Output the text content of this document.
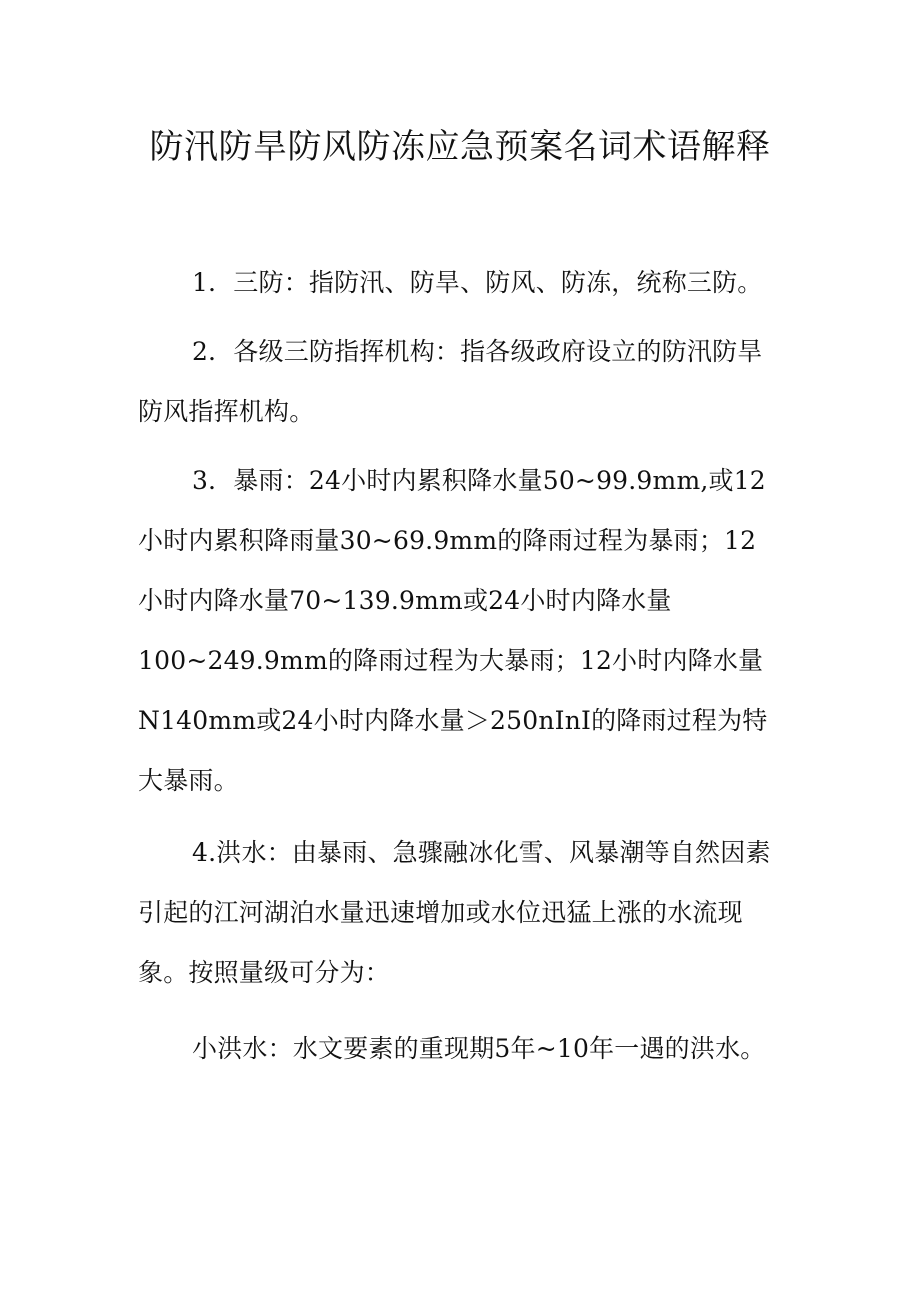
防汛防旱防风防冻应急预案名词术语解释

1．三防：指防汛、防旱、防风、防冻，统称三防。

2．各级三防指挥机构：指各级政府设立的防汛防旱防风指挥机构。

3．暴雨：24小时内累积降水量50~99.9mm,或12小时内累积降雨量30~69.9mm的降雨过程为暴雨；12小时内降水量70~139.9mm或24小时内降水量100~249.9mm的降雨过程为大暴雨；12小时内降水量N140mm或24小时内降水量＞250nInI的降雨过程为特大暴雨。

4.洪水：由暴雨、急骤融冰化雪、风暴潮等自然因素引起的江河湖泊水量迅速增加或水位迅猛上涨的水流现象。按照量级可分为：

小洪水：水文要素的重现期5年~10年一遇的洪水。
